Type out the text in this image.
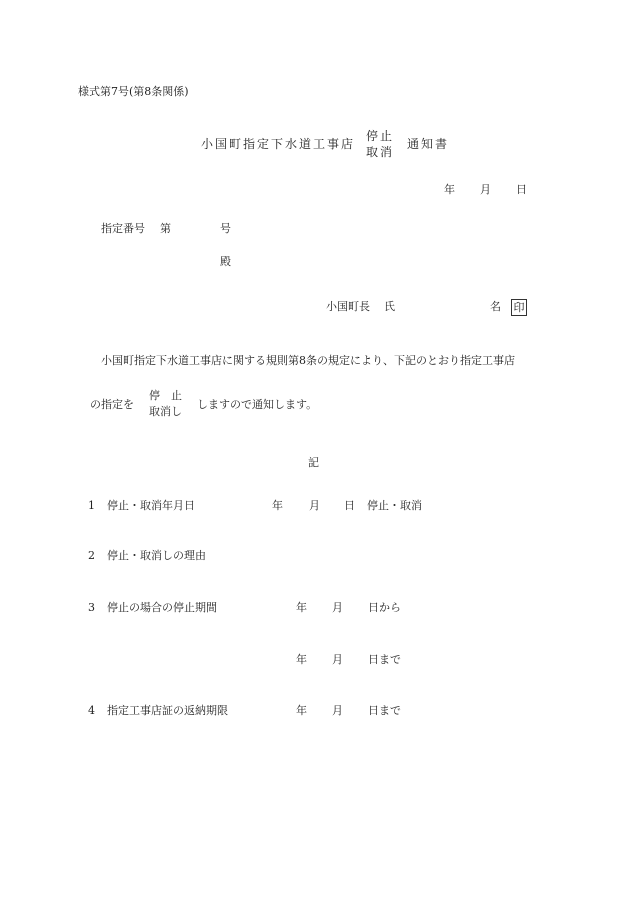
様式第7号(第8条関係)
小国町指定下水道工事店
停止
取消
通知書
年 月 日
指定番号 第	号
殿
小国町長 氏	名 印
小国町指定下水道工事店に関する規則第8条の規定により、下記のとおり指定工事店
の指定を
停　止
取消し
しますので通知します。
記
1 停止・取消年月日	年 月 日 停止・取消
2 停止・取消しの理由
3 停止の場合の停止期間	年 月 日から
年 月 日まで
4 指定工事店証の返納期限	年 月 日まで
